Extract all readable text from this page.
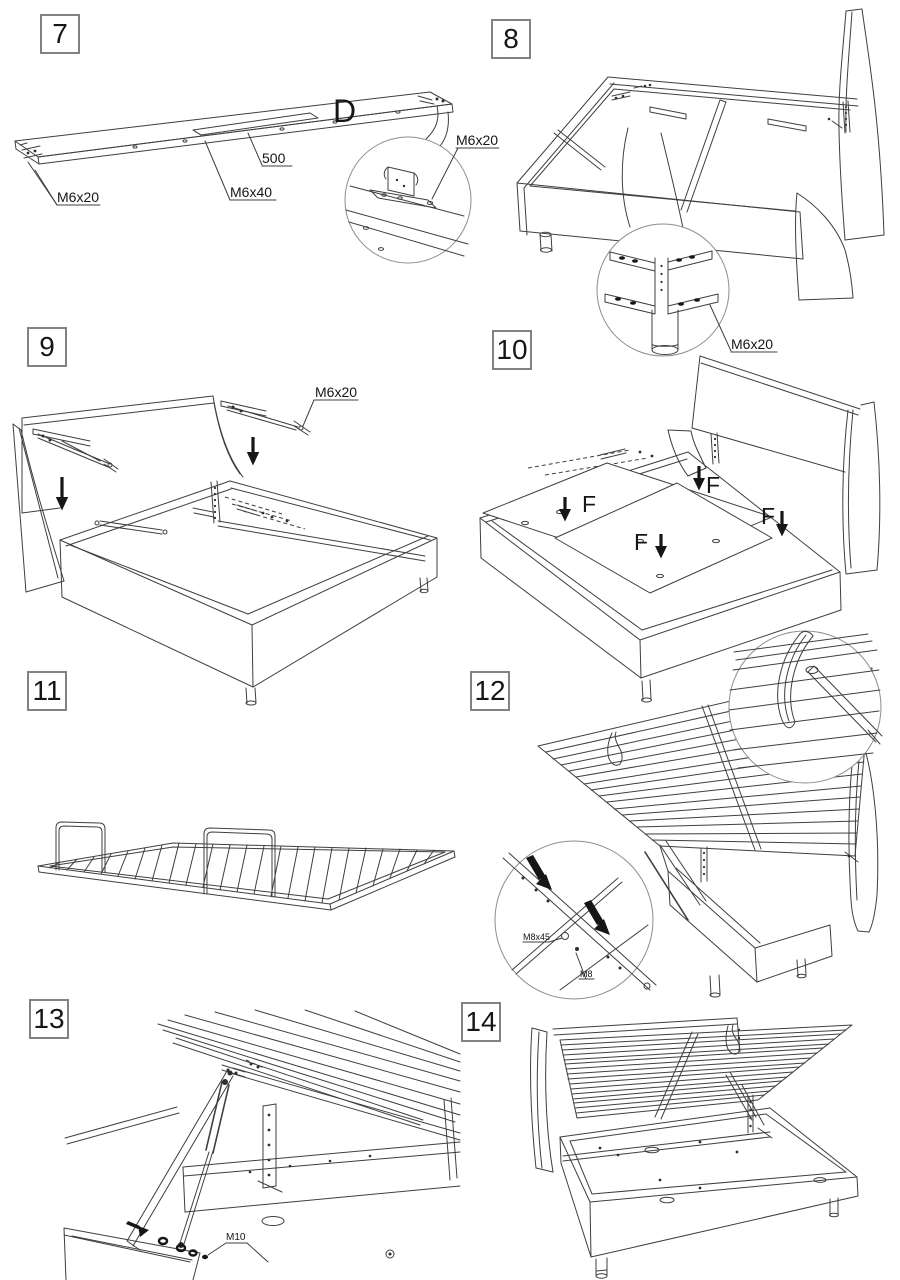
D
500
M6x40
M6x20
M6x20
M6x20
M6x20
F
F
F
F
M8x45
M8
M10
7	8
9	10
11	12
13	14
